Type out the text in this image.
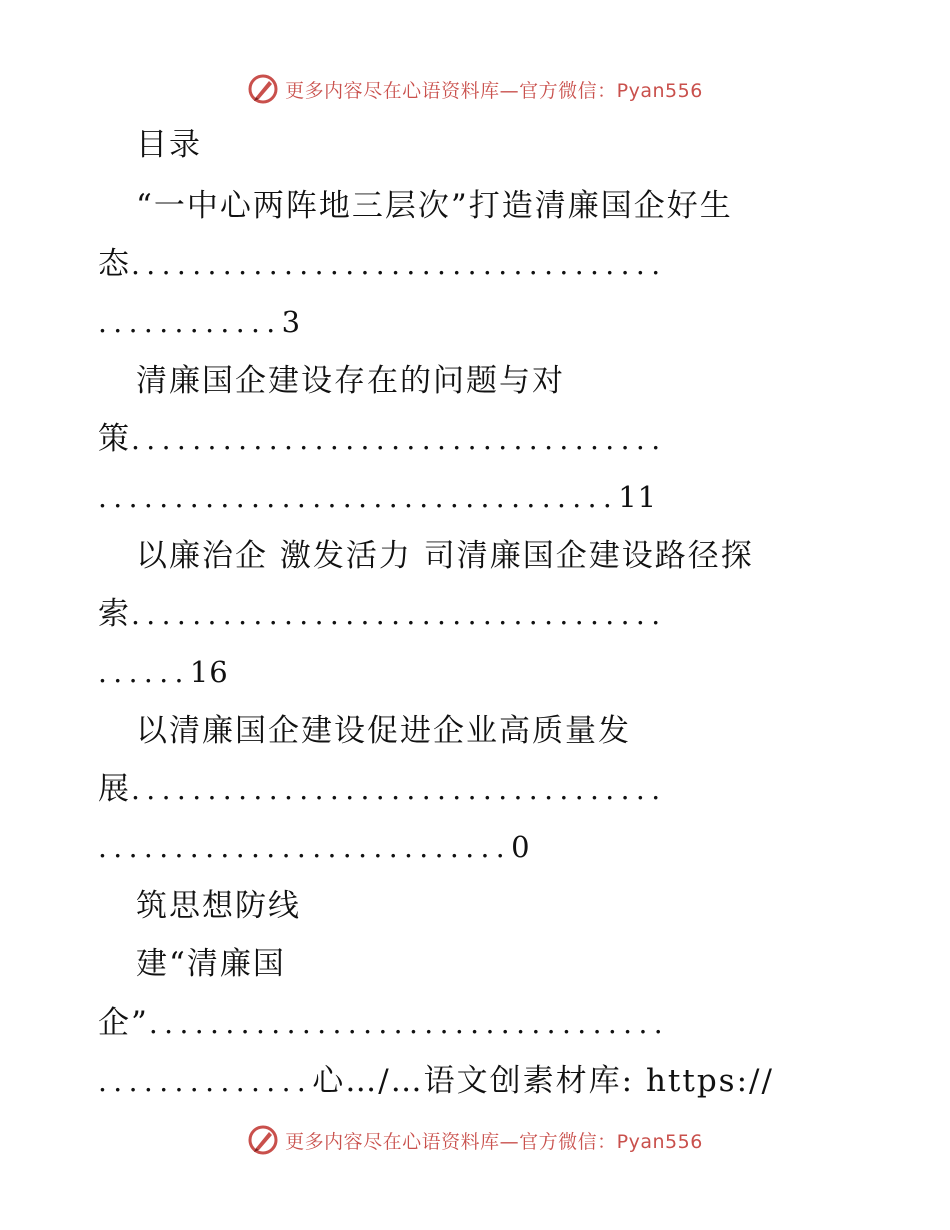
更多内容尽在心语资料库—官方微信：Pyan556
目录
“一中心两阵地三层次”打造清廉国企好生
态...................................
............3
清廉国企建设存在的问题与对
策...................................
..................................11
以廉治企 激发活力 司清廉国企建设路径探
索...................................
......16
以清廉国企建设促进企业高质量发
展...................................
...........................0
筑思想防线
建“清廉国
企”..................................
..............心…/…语文创素材库: https://
更多内容尽在心语资料库—官方微信：Pyan556
